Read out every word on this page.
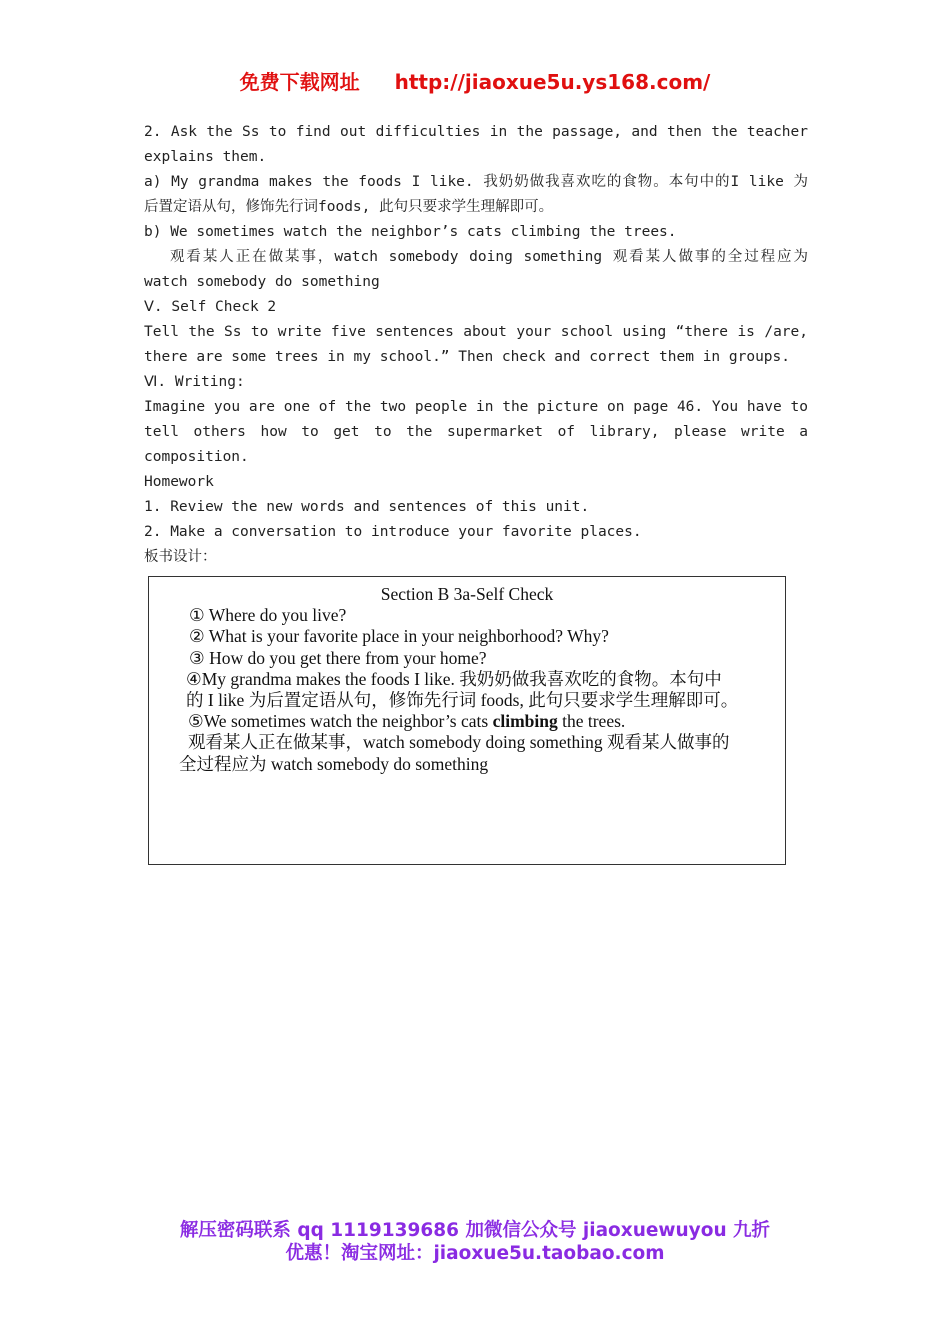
免费下载网址 http://jiaoxue5u.ys168.com/

2. Ask the Ss to find out difficulties in the passage, and then the teacher

explains them.

a) My grandma makes the foods I like. 我奶奶做我喜欢吃的食物。本句中的I like 为

后置定语从句，修饰先行词foods, 此句只要求学生理解即可。

b) We sometimes watch the neighbor’s cats climbing the trees.

观看某人正在做某事，watch somebody doing something 观看某人做事的全过程应为

watch somebody do something

Ⅴ. Self Check 2

Tell the Ss to write five sentences about your school using “there is /are,

there are some trees in my school.” Then check and correct them in groups.

Ⅵ. Writing:

Imagine you are one of the two people in the picture on page 46. You have to

tell others how to get to the supermarket of library, please write a

composition.

Homework

1. Review the new words and sentences of this unit.

2. Make a conversation to introduce your favorite places.

板书设计：

Section B 3a-Self Check
① Where do you live?
② What is your favorite place in your neighborhood? Why?
③ How do you get there from your home?
④My grandma makes the foods I like. 我奶奶做我喜欢吃的食物。本句中
的 I like 为后置定语从句，修饰先行词 foods, 此句只要求学生理解即可。
⑤We sometimes watch the neighbor’s cats climbing the trees.
观看某人正在做某事，watch somebody doing something 观看某人做事的
全过程应为 watch somebody do something
解压密码联系 qq 1119139686 加微信公众号 jiaoxuewuyou 九折
优惠！淘宝网址：jiaoxue5u.taobao.com
